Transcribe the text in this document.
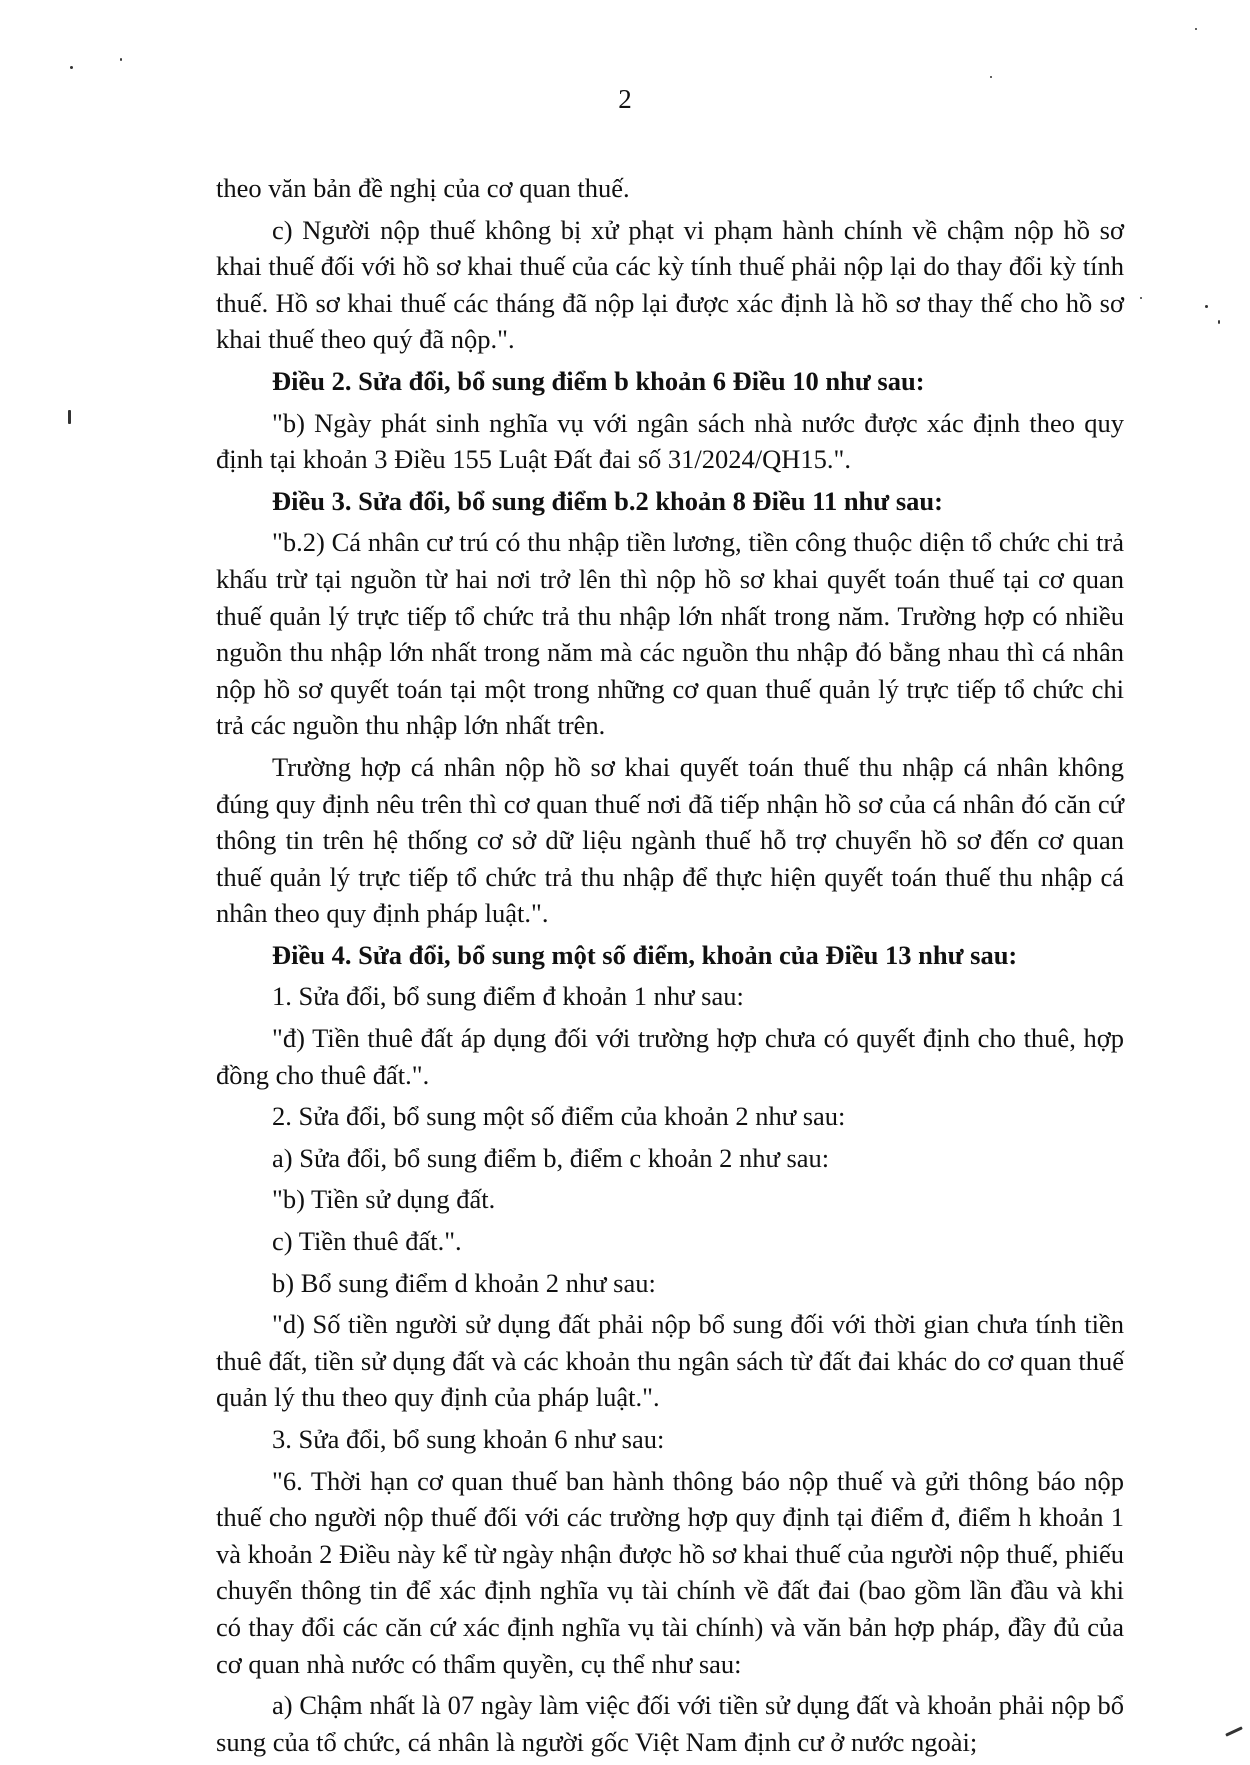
2

theo văn bản đề nghị của cơ quan thuế.

c) Người nộp thuế không bị xử phạt vi phạm hành chính về chậm nộp hồ sơ khai thuế đối với hồ sơ khai thuế của các kỳ tính thuế phải nộp lại do thay đổi kỳ tính thuế. Hồ sơ khai thuế các tháng đã nộp lại được xác định là hồ sơ thay thế cho hồ sơ khai thuế theo quý đã nộp.".

Điều 2. Sửa đổi, bổ sung điểm b khoản 6 Điều 10 như sau:

"b) Ngày phát sinh nghĩa vụ với ngân sách nhà nước được xác định theo quy định tại khoản 3 Điều 155 Luật Đất đai số 31/2024/QH15.".

Điều 3. Sửa đổi, bổ sung điểm b.2 khoản 8 Điều 11 như sau:

"b.2) Cá nhân cư trú có thu nhập tiền lương, tiền công thuộc diện tổ chức chi trả khấu trừ tại nguồn từ hai nơi trở lên thì nộp hồ sơ khai quyết toán thuế tại cơ quan thuế quản lý trực tiếp tổ chức trả thu nhập lớn nhất trong năm. Trường hợp có nhiều nguồn thu nhập lớn nhất trong năm mà các nguồn thu nhập đó bằng nhau thì cá nhân nộp hồ sơ quyết toán tại một trong những cơ quan thuế quản lý trực tiếp tổ chức chi trả các nguồn thu nhập lớn nhất trên.

Trường hợp cá nhân nộp hồ sơ khai quyết toán thuế thu nhập cá nhân không đúng quy định nêu trên thì cơ quan thuế nơi đã tiếp nhận hồ sơ của cá nhân đó căn cứ thông tin trên hệ thống cơ sở dữ liệu ngành thuế hỗ trợ chuyển hồ sơ đến cơ quan thuế quản lý trực tiếp tổ chức trả thu nhập để thực hiện quyết toán thuế thu nhập cá nhân theo quy định pháp luật.".

Điều 4. Sửa đổi, bổ sung một số điểm, khoản của Điều 13 như sau:

1. Sửa đổi, bổ sung điểm đ khoản 1 như sau:

"đ) Tiền thuê đất áp dụng đối với trường hợp chưa có quyết định cho thuê, hợp đồng cho thuê đất.".

2. Sửa đổi, bổ sung một số điểm của khoản 2 như sau:

a) Sửa đổi, bổ sung điểm b, điểm c khoản 2 như sau:

"b) Tiền sử dụng đất.

c) Tiền thuê đất.".

b) Bổ sung điểm d khoản 2 như sau:

"d) Số tiền người sử dụng đất phải nộp bổ sung đối với thời gian chưa tính tiền thuê đất, tiền sử dụng đất và các khoản thu ngân sách từ đất đai khác do cơ quan thuế quản lý thu theo quy định của pháp luật.".

3. Sửa đổi, bổ sung khoản 6 như sau:

"6. Thời hạn cơ quan thuế ban hành thông báo nộp thuế và gửi thông báo nộp thuế cho người nộp thuế đối với các trường hợp quy định tại điểm đ, điểm h khoản 1 và khoản 2 Điều này kể từ ngày nhận được hồ sơ khai thuế của người nộp thuế, phiếu chuyển thông tin để xác định nghĩa vụ tài chính về đất đai (bao gồm lần đầu và khi có thay đổi các căn cứ xác định nghĩa vụ tài chính) và văn bản hợp pháp, đầy đủ của cơ quan nhà nước có thẩm quyền, cụ thể như sau:

a) Chậm nhất là 07 ngày làm việc đối với tiền sử dụng đất và khoản phải nộp bổ sung của tổ chức, cá nhân là người gốc Việt Nam định cư ở nước ngoài;
